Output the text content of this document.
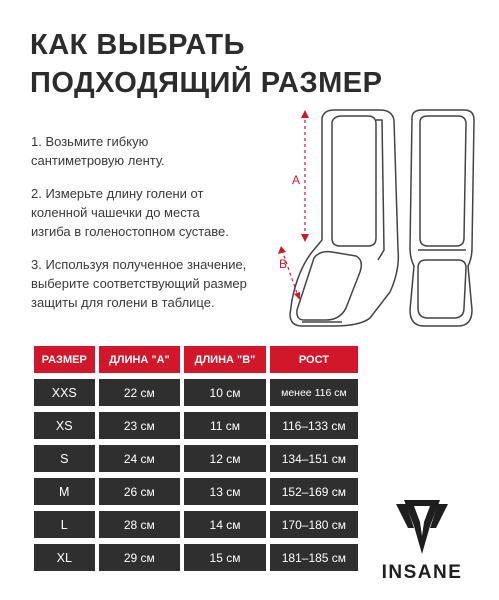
КАК ВЫБРАТЬ
ПОДХОДЯЩИЙ РАЗМЕР

1. Возьмите гибкую
сантиметровую ленту.

2. Измерьте длину голени от
коленной чашечки до места
изгиба в голеностопном суставе.

3. Используя полученное значение,
выберите соответствующий размер
защиты для голени в таблице.

A
B
РАЗМЕР	ДЛИНА "А"	ДЛИНА "В"	РОСТ
XXS	22 см	10 см	менее 116 см
XS	23 см	11 см	116–133 см
S	24 см	12 см	134–151 см
M	26 см	13 см	152–169 см
L	28 см	14 см	170–180 см
XL	29 см	15 см	181–185 см
INSANE
